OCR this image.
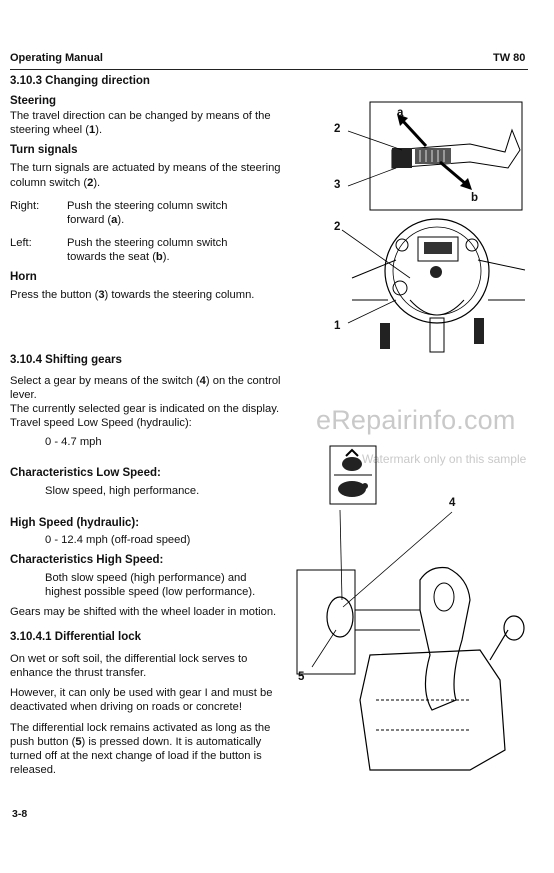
Operating Manual	TW 80
3.10.3 Changing direction
Steering
The travel direction can be changed by means of the
steering wheel (1).
Turn signals
The turn signals are actuated by means of the steering
column switch (2).
Right: Push the steering column switch
forward (a).
Left:	Push the steering column switch
towards the seat (b).
Horn
Press the button (3) towards the steering column.
3.10.4 Shifting gears
Select a gear by means of the switch (4) on the control
lever.
The currently selected gear is indicated on the display.
Travel speed Low Speed (hydraulic):
0 - 4.7 mph
Characteristics Low Speed:
Slow speed, high performance.
High Speed (hydraulic):
0 - 12.4 mph (off-road speed)
Characteristics High Speed:
Both slow speed (high performance) and
highest possible speed (low performance).
Gears may be shifted with the wheel loader in motion.
3.10.4.1 Differential lock
On wet or soft soil, the differential lock serves to
enhance the thrust transfer.
However, it can only be used with gear I and must be
deactivated when driving on roads or concrete!
The differential lock remains activated as long as the
push button (5) is pressed down. It is automatically
turned off at the next change of load if the button is
released.
3-8
eRepairinfo.com
Watermark only on this sample
a
b
2
3
2
1
4
5
